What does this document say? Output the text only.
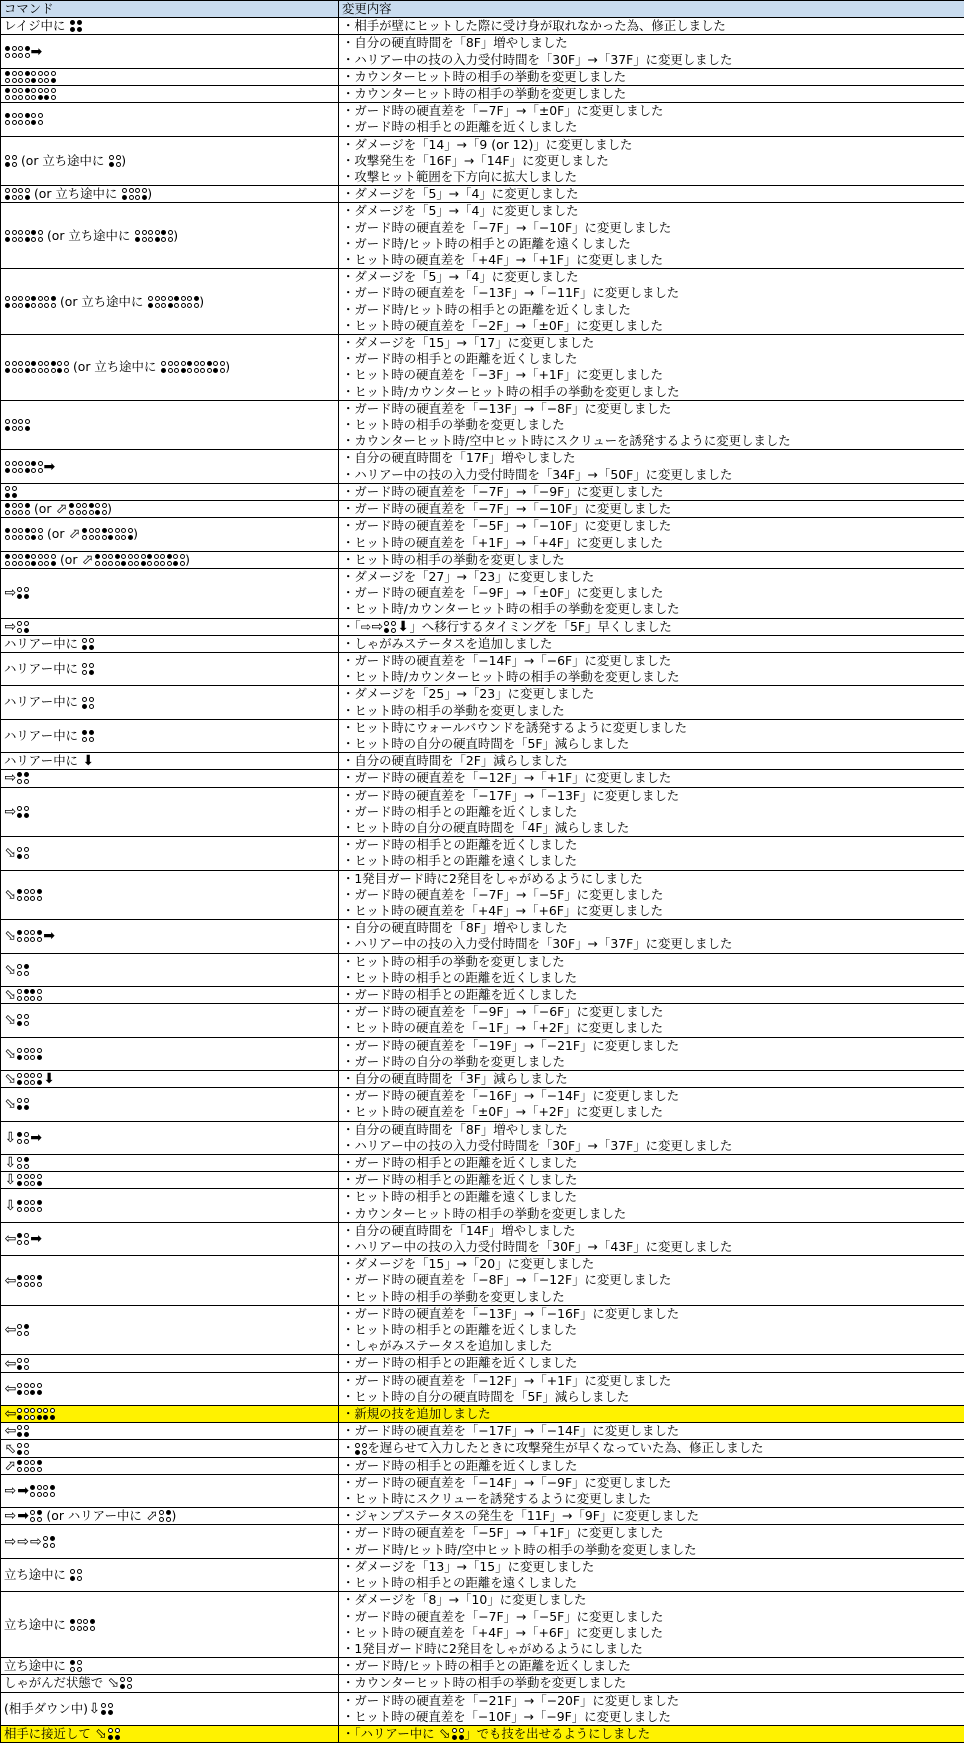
コマンド	変更内容

レイジ中に	・相手が壁にヒットした際に受け身が取れなかった為、修正しました

➡	・自分の硬直時間を「8F」増やしました
・ハリアー中の技の入力受付時間を「30F」→「37F」に変更しました

	・カウンターヒット時の相手の挙動を変更しました

	・カウンターヒット時の相手の挙動を変更しました

	・ガード時の硬直差を「−7F」→「±0F」に変更しました
・ガード時の相手との距離を近くしました

(or 立ち途中に )	・ダメージを「14」→「9 (or 12)」に変更しました
・攻撃発生を「16F」→「14F」に変更しました
・攻撃ヒット範囲を下方向に拡大しました

(or 立ち途中に )	・ダメージを「5」→「4」に変更しました

(or 立ち途中に )	・ダメージを「5」→「4」に変更しました
・ガード時の硬直差を「−7F」→「−10F」に変更しました
・ガード時/ヒット時の相手との距離を遠くしました
・ヒット時の硬直差を「+4F」→「+1F」に変更しました

(or 立ち途中に )	・ダメージを「5」→「4」に変更しました
・ガード時の硬直差を「−13F」→「−11F」に変更しました
・ガード時/ヒット時の相手との距離を近くしました
・ヒット時の硬直差を「−2F」→「±0F」に変更しました

(or 立ち途中に )	・ダメージを「15」→「17」に変更しました
・ガード時の相手との距離を近くしました
・ヒット時の硬直差を「−3F」→「+1F」に変更しました
・ヒット時/カウンターヒット時の相手の挙動を変更しました

	・ガード時の硬直差を「−13F」→「−8F」に変更しました
・ヒット時の相手の挙動を変更しました
・カウンターヒット時/空中ヒット時にスクリューを誘発するように変更しました

➡	・自分の硬直時間を「17F」増やしました
・ハリアー中の技の入力受付時間を「34F」→「50F」に変更しました

	・ガード時の硬直差を「−7F」→「−9F」に変更しました

(or ⬀ )	・ガード時の硬直差を「−7F」→「−10F」に変更しました

(or ⬀ )	・ガード時の硬直差を「−5F」→「−10F」に変更しました
・ヒット時の硬直差を「+1F」→「+4F」に変更しました

(or ⬀ )	・ヒット時の相手の挙動を変更しました

⇨	・ダメージを「27」→「23」に変更しました
・ガード時の硬直差を「−9F」→「±0F」に変更しました
・ヒット時/カウンターヒット時の相手の挙動を変更しました

⇨	・「⇨⇨ ⬇」へ移行するタイミングを「5F」早くしました

ハリアー中に	・しゃがみステータスを追加しました

ハリアー中に	・ガード時の硬直差を「−14F」→「−6F」に変更しました
・ヒット時/カウンターヒット時の相手の挙動を変更しました

ハリアー中に	・ダメージを「25」→「23」に変更しました
・ヒット時の相手の挙動を変更しました

ハリアー中に	・ヒット時にウォールバウンドを誘発するように変更しました
・ヒット時の自分の硬直時間を「5F」減らしました

ハリアー中に ⬇	・自分の硬直時間を「2F」減らしました

⇨	・ガード時の硬直差を「−12F」→「+1F」に変更しました

⇨	・ガード時の硬直差を「−17F」→「−13F」に変更しました
・ガード時の相手との距離を近くしました
・ヒット時の自分の硬直時間を「4F」減らしました

⬂	・ガード時の相手との距離を近くしました
・ヒット時の相手との距離を遠くしました

⬂	・1発目ガード時に2発目をしゃがめるようにしました
・ガード時の硬直差を「−7F」→「−5F」に変更しました
・ヒット時の硬直差を「+4F」→「+6F」に変更しました

⬂ ➡	・自分の硬直時間を「8F」増やしました
・ハリアー中の技の入力受付時間を「30F」→「37F」に変更しました

⬂	・ヒット時の相手の挙動を変更しました
・ヒット時の相手との距離を近くしました

⬂	・ガード時の相手との距離を近くしました

⬂	・ガード時の硬直差を「−9F」→「−6F」に変更しました
・ヒット時の硬直差を「−1F」→「+2F」に変更しました

⬂	・ガード時の硬直差を「−19F」→「−21F」に変更しました
・ガード時の自分の挙動を変更しました

⬂ ⬇	・自分の硬直時間を「3F」減らしました

⬂	・ガード時の硬直差を「−16F」→「−14F」に変更しました
・ヒット時の硬直差を「±0F」→「+2F」に変更しました

⇩ ➡	・自分の硬直時間を「8F」増やしました
・ハリアー中の技の入力受付時間を「30F」→「37F」に変更しました

⇩	・ガード時の相手との距離を近くしました

⇩	・ガード時の相手との距離を近くしました

⇩	・ヒット時の相手との距離を遠くしました
・カウンターヒット時の相手の挙動を変更しました

⇦ ➡	・自分の硬直時間を「14F」増やしました
・ハリアー中の技の入力受付時間を「30F」→「43F」に変更しました

⇦	・ダメージを「15」→「20」に変更しました
・ガード時の硬直差を「−8F」→「−12F」に変更しました
・ヒット時の相手の挙動を変更しました

⇦	・ガード時の硬直差を「−13F」→「−16F」に変更しました
・ヒット時の相手との距離を近くしました
・しゃがみステータスを追加しました

⇦	・ガード時の相手との距離を近くしました

⇦	・ガード時の硬直差を「−12F」→「+1F」に変更しました
・ヒット時の自分の硬直時間を「5F」減らしました

⇦	・新規の技を追加しました

⇦	・ガード時の硬直差を「−17F」→「−14F」に変更しました

⬁	・ を遅らせて入力したときに攻撃発生が早くなっていた為、修正しました

⬀	・ガード時の相手との距離を近くしました

⇨ ➡	・ガード時の硬直差を「−14F」→「−9F」に変更しました
・ヒット時にスクリューを誘発するように変更しました

⇨ ➡ (or ハリアー中に ⬀ )	・ジャンプステータスの発生を「11F」→「9F」に変更しました

⇨ ⇨ ⇨	・ガード時の硬直差を「−5F」→「+1F」に変更しました
・ガード時/ヒット時/空中ヒット時の相手の挙動を変更しました

立ち途中に	・ダメージを「13」→「15」に変更しました
・ヒット時の相手との距離を遠くしました

立ち途中に	・ダメージを「8」→「10」に変更しました
・ガード時の硬直差を「−7F」→「−5F」に変更しました
・ヒット時の硬直差を「+4F」→「+6F」に変更しました
・1発目ガード時に2発目をしゃがめるようにしました

立ち途中に	・ガード時/ヒット時の相手との距離を近くしました

しゃがんだ状態で ⬂	・カウンターヒット時の相手の挙動を変更しました

(相手ダウン中) ⇩	・ガード時の硬直差を「−21F」→「−20F」に変更しました
・ヒット時の硬直差を「−10F」→「−9F」に変更しました

相手に接近して ⬂	・「ハリアー中に ⬂ 」でも技を出せるようにしました
